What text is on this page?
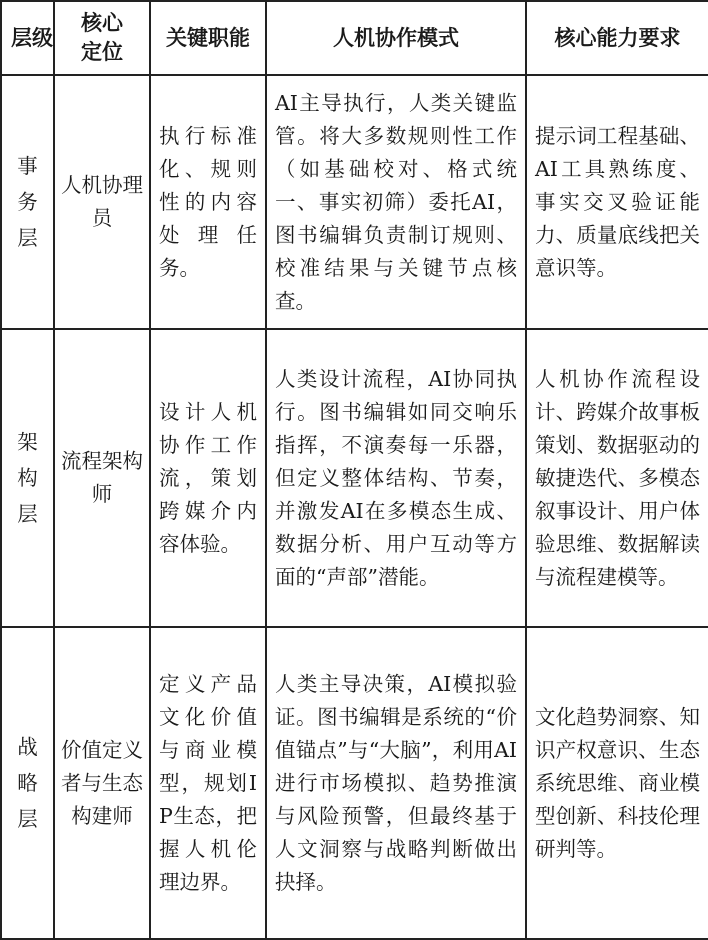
层级	核心定位	关键职能	人机协作模式	核心能力要求

事务层	人机协理员	执行标准化、规则性的内容处理任务。	AI主导执行，人类关键监管。将大多数规则性工作（如基础校对、格式统一、事实初筛）委托AI，图书编辑负责制订规则、校准结果与关键节点核查。	提示词工程基础、AI工具熟练度、事实交叉验证能力、质量底线把关意识等。

架构层	流程架构师	设计人机协作工作流，策划跨媒介内容体验。	人类设计流程，AI协同执行。图书编辑如同交响乐指挥，不演奏每一乐器，但定义整体结构、节奏，并激发AI在多模态生成、数据分析、用户互动等方面的“声部”潜能。	人机协作流程设计、跨媒介故事板策划、数据驱动的敏捷迭代、多模态叙事设计、用户体验思维、数据解读与流程建模等。

战略层	价值定义者与生态构建师	定义产品文化价值与商业模型，规划IP生态，把握人机伦理边界。	人类主导决策，AI模拟验证。图书编辑是系统的“价值锚点”与“大脑”，利用AI进行市场模拟、趋势推演与风险预警，但最终基于人文洞察与战略判断做出抉择。	文化趋势洞察、知识产权意识、生态系统思维、商业模型创新、科技伦理研判等。
